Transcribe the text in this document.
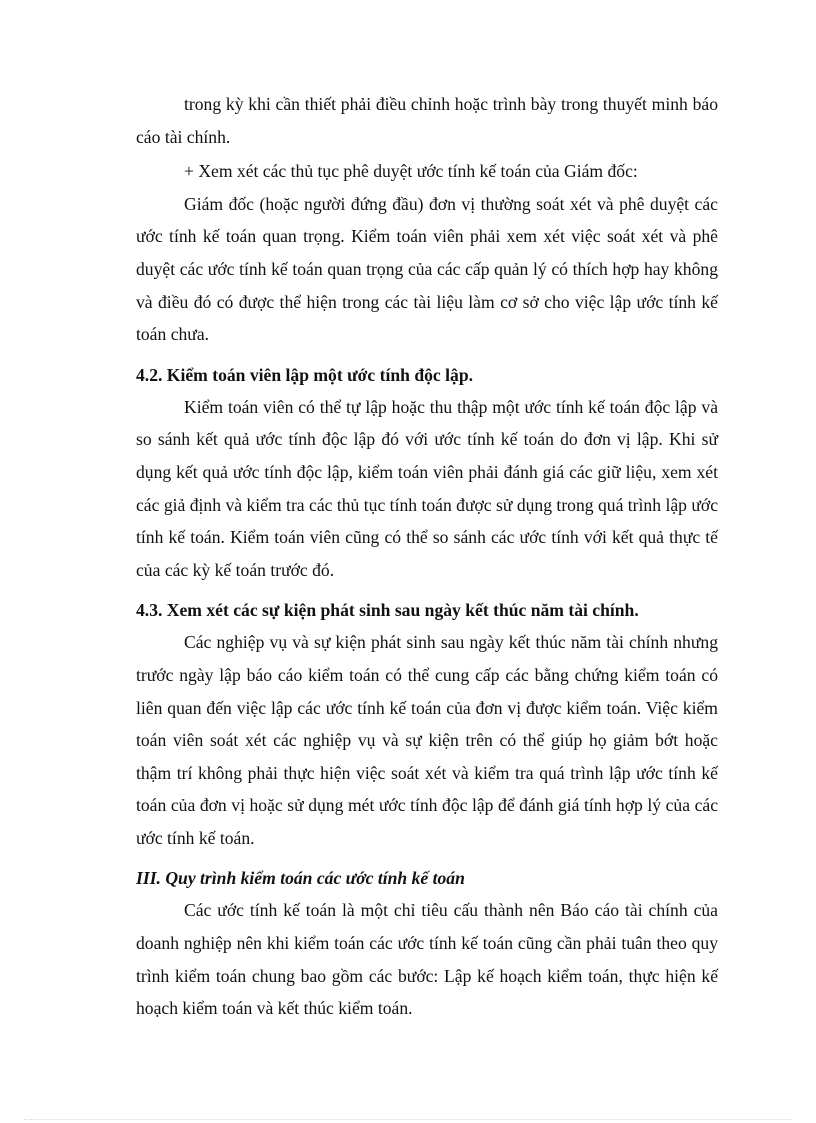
trong kỳ khi cần thiết phải điều chỉnh hoặc trình bày trong thuyết minh báo cáo tài chính.

+ Xem xét các thủ tục phê duyệt ước tính kế toán của Giám đốc:

Giám đốc (hoặc người đứng đầu) đơn vị thường soát xét và phê duyệt các ước tính kế toán quan trọng. Kiểm toán viên phải xem xét việc soát xét và phê duyệt các ước tính kế toán quan trọng của các cấp quản lý có thích hợp hay không và điều đó có được thể hiện trong các tài liệu làm cơ sở cho việc lập ước tính kế toán chưa.

4.2. Kiểm toán viên lập một ước tính độc lập.

Kiểm toán viên có thể tự lập hoặc thu thập một ước tính kế toán độc lập và so sánh kết quả ước tính độc lập đó với ước tính kế toán do đơn vị lập. Khi sử dụng kết quả ước tính độc lập, kiểm toán viên phải đánh giá các giữ liệu, xem xét các giả định và kiểm tra các thủ tục tính toán được sử dụng trong quá trình lập ước tính kế toán. Kiểm toán viên cũng có thể so sánh các ước tính với kết quả thực tế của các kỳ kế toán trước đó.

4.3. Xem xét các sự kiện phát sinh sau ngày kết thúc năm tài chính.

Các nghiệp vụ và sự kiện phát sinh sau ngày kết thúc năm tài chính nhưng trước ngày lập báo cáo kiểm toán có thể cung cấp các bằng chứng kiểm toán có liên quan đến việc lập các ước tính kế toán của đơn vị được kiểm toán. Việc kiểm toán viên soát xét các nghiệp vụ và sự kiện trên có thể giúp họ giảm bớt hoặc thậm trí không phải thực hiện việc soát xét và kiểm tra quá trình lập ước tính kế toán của đơn vị hoặc sử dụng mét ước tính độc lập để đánh giá tính hợp lý của các ước tính kế toán.

III. Quy trình kiểm toán các ước tính kế toán

Các ước tính kế toán là một chỉ tiêu cấu thành nên Báo cáo tài chính của doanh nghiệp nên khi kiểm toán các ước tính kế toán cũng cần phải tuân theo quy trình kiểm toán chung bao gồm các bước: Lập kế hoạch kiểm toán, thực hiện kế hoạch kiểm toán và kết thúc kiểm toán.
